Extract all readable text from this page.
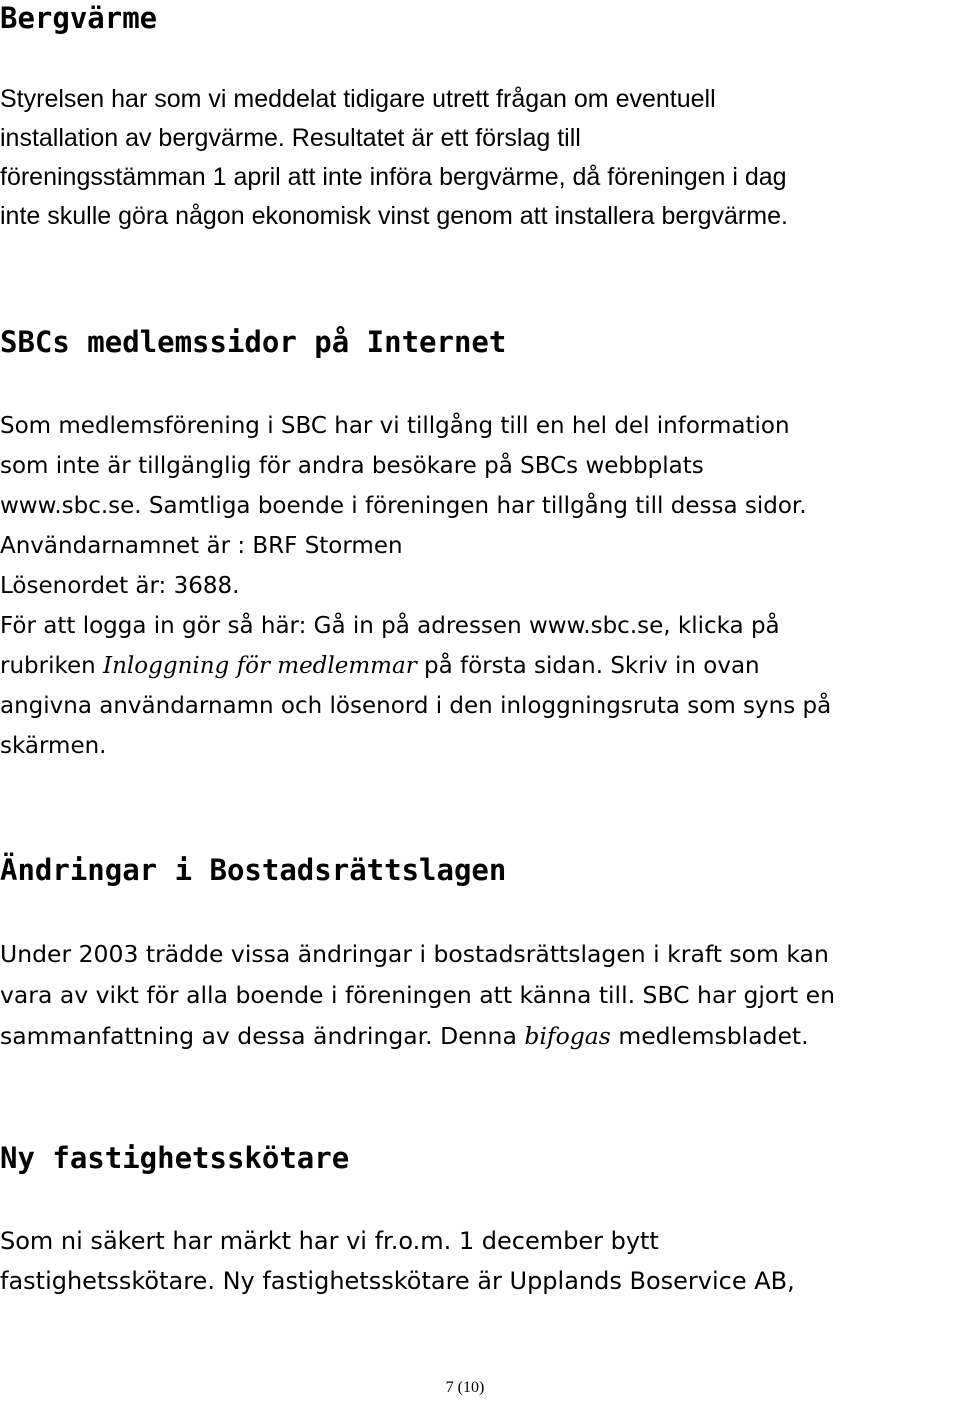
Bergvärme
Styrelsen har som vi meddelat tidigare utrett frågan om eventuell
installation av bergvärme. Resultatet är ett förslag till
föreningsstämman 1 april att inte införa bergvärme, då föreningen i dag
inte skulle göra någon ekonomisk vinst genom att installera bergvärme.
SBCs medlemssidor på Internet
Som medlemsförening i SBC har vi tillgång till en hel del information
som inte är tillgänglig för andra besökare på SBCs webbplats
www.sbc.se. Samtliga boende i föreningen har tillgång till dessa sidor.
Användarnamnet är : BRF Stormen
Lösenordet är: 3688.
För att logga in gör så här: Gå in på adressen www.sbc.se, klicka på
rubriken Inloggning för medlemmar på första sidan. Skriv in ovan
angivna användarnamn och lösenord i den inloggningsruta som syns på
skärmen.
Ändringar i Bostadsrättslagen
Under 2003 trädde vissa ändringar i bostadsrättslagen i kraft som kan
vara av vikt för alla boende i föreningen att känna till. SBC har gjort en
sammanfattning av dessa ändringar. Denna bifogas medlemsbladet.
Ny fastighetsskötare
Som ni säkert har märkt har vi fr.o.m. 1 december bytt
fastighetsskötare. Ny fastighetsskötare är Upplands Boservice AB,
7 (10)
